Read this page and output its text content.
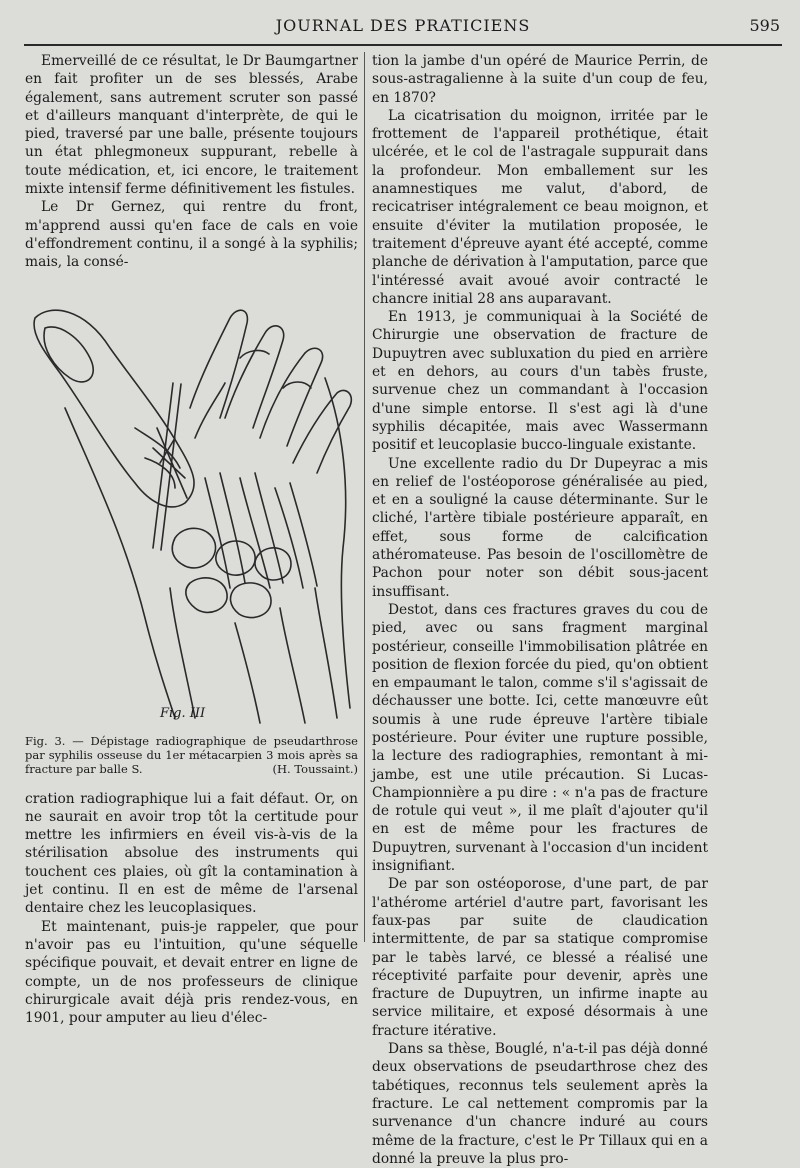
JOURNAL DES PRATICIENS	595

Emerveillé de ce résultat, le Dr Baumgartner en fait profiter un de ses blessés, Arabe également, sans autrement scruter son passé et d'ailleurs manquant d'interprète, de qui le pied, traversé par une balle, présente toujours un état phlegmoneux suppurant, rebelle à toute médication, et, ici encore, le traitement mixte intensif ferme définitivement les fistules.

Le Dr Gernez, qui rentre du front, m'apprend aussi qu'en face de cals en voie d'effondrement continu, il a songé à la syphilis; mais, la consé-

Fig. III
Fig. 3. — Dépistage radiographique de pseudarthrose par syphilis osseuse du 1er métacarpien 3 mois après sa fracture par balle S.	(H. Toussaint.)

cration radiographique lui a fait défaut. Or, on ne saurait en avoir trop tôt la certitude pour mettre les infirmiers en éveil vis-à-vis de la stérilisation absolue des instruments qui touchent ces plaies, où gît la contamination à jet continu. Il en est de même de l'arsenal dentaire chez les leucoplasiques.

Et maintenant, puis-je rappeler, que pour n'avoir pas eu l'intuition, qu'une séquelle spécifique pouvait, et devait entrer en ligne de compte, un de nos professeurs de clinique chirurgicale avait déjà pris rendez-vous, en 1901, pour amputer au lieu d'élec-

tion la jambe d'un opéré de Maurice Perrin, de sous-astragalienne à la suite d'un coup de feu, en 1870?

La cicatrisation du moignon, irritée par le frottement de l'appareil prothétique, était ulcérée, et le col de l'astragale suppurait dans la profondeur. Mon emballement sur les anamnestiques me valut, d'abord, de recicatriser intégralement ce beau moignon, et ensuite d'éviter la mutilation proposée, le traitement d'épreuve ayant été accepté, comme planche de dérivation à l'amputation, parce que l'intéressé avait avoué avoir contracté le chancre initial 28 ans auparavant.

En 1913, je communiquai à la Société de Chirurgie une observation de fracture de Dupuytren avec subluxation du pied en arrière et en dehors, au cours d'un tabès fruste, survenue chez un commandant à l'occasion d'une simple entorse. Il s'est agi là d'une syphilis décapitée, mais avec Wassermann positif et leucoplasie bucco-linguale existante.

Une excellente radio du Dr Dupeyrac a mis en relief de l'ostéoporose généralisée au pied, et en a souligné la cause déterminante. Sur le cliché, l'artère tibiale postérieure apparaît, en effet, sous forme de calcification athéromateuse. Pas besoin de l'oscillomètre de Pachon pour noter son débit sous-jacent insuffisant.

Destot, dans ces fractures graves du cou de pied, avec ou sans fragment marginal postérieur, conseille l'immobilisation plâtrée en position de flexion forcée du pied, qu'on obtient en empaumant le talon, comme s'il s'agissait de déchausser une botte. Ici, cette manœuvre eût soumis à une rude épreuve l'artère tibiale postérieure. Pour éviter une rupture possible, la lecture des radiographies, remontant à mi-jambe, est une utile précaution. Si Lucas-Championnière a pu dire : « n'a pas de fracture de rotule qui veut », il me plaît d'ajouter qu'il en est de même pour les fractures de Dupuytren, survenant à l'occasion d'un incident insignifiant.

De par son ostéoporose, d'une part, de par l'athérome artériel d'autre part, favorisant les faux-pas par suite de claudication intermittente, de par sa statique compromise par le tabès larvé, ce blessé a réalisé une réceptivité parfaite pour devenir, après une fracture de Dupuytren, un infirme inapte au service militaire, et exposé désormais à une fracture itérative.

Dans sa thèse, Bouglé, n'a-t-il pas déjà donné deux observations de pseudarthrose chez des tabétiques, reconnus tels seulement après la fracture. Le cal nettement compromis par la survenance d'un chancre induré au cours même de la fracture, c'est le Pr Tillaux qui en a donné la preuve la plus pro-
